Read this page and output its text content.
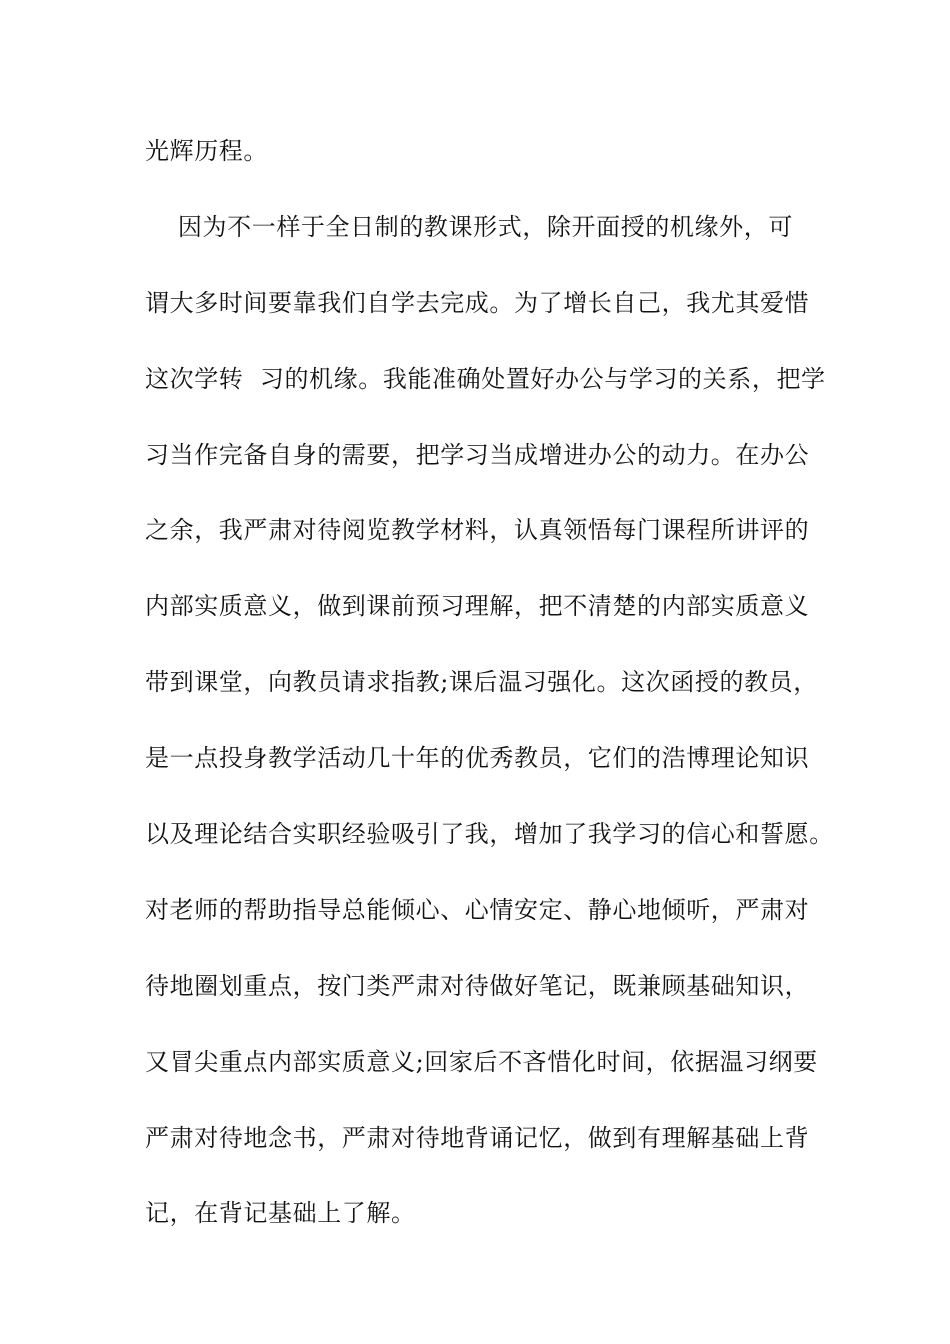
光辉历程。
因为不一样于全日制的教课形式，除开面授的机缘外，可
谓大多时间要靠我们自学去完成。为了增长自己，我尤其爱惜
这次学转  习的机缘。我能准确处置好办公与学习的关系，把学
习当作完备自身的需要，把学习当成增进办公的动力。在办公
之余，我严肃对待阅览教学材料，认真领悟每门课程所讲评的
内部实质意义，做到课前预习理解，把不清楚的内部实质意义
带到课堂，向教员请求指教;课后温习强化。这次函授的教员，
是一点投身教学活动几十年的优秀教员，它们的浩博理论知识
以及理论结合实职经验吸引了我，增加了我学习的信心和誓愿。
对老师的帮助指导总能倾心、心情安定、静心地倾听，严肃对
待地圈划重点，按门类严肃对待做好笔记，既兼顾基础知识，
又冒尖重点内部实质意义;回家后不吝惜化时间，依据温习纲要
严肃对待地念书，严肃对待地背诵记忆，做到有理解基础上背
记，在背记基础上了解。
